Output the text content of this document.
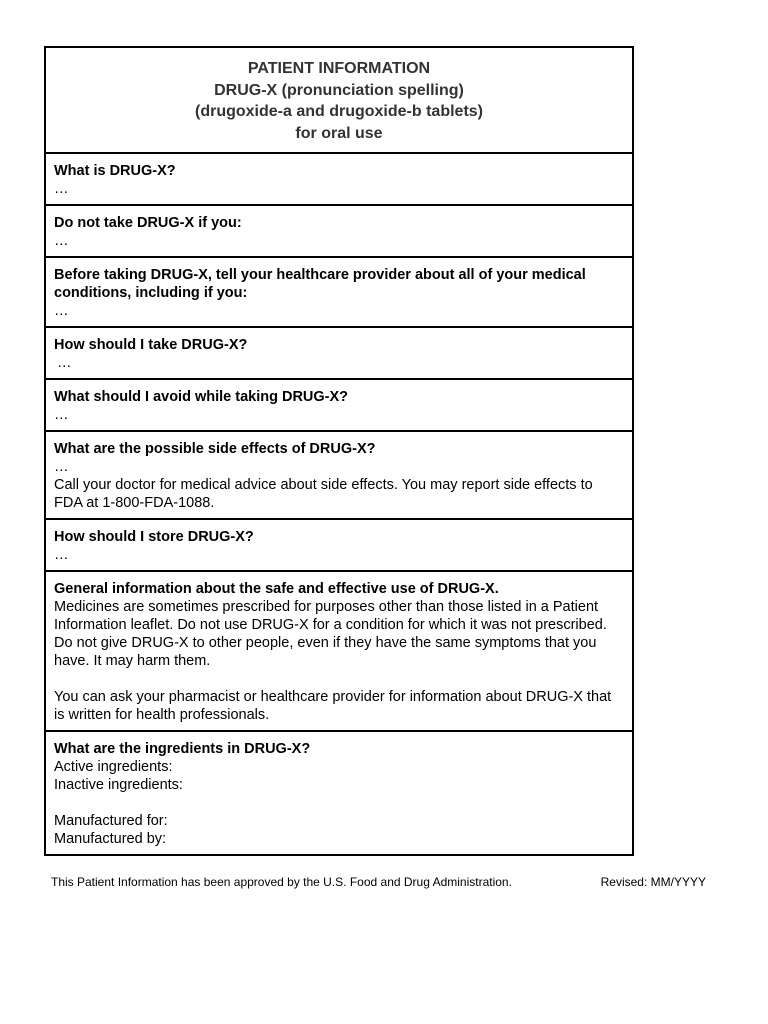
PATIENT INFORMATION
DRUG-X (pronunciation spelling)
(drugoxide-a and drugoxide-b tablets)
for oral use
What is DRUG-X?
…
Do not take DRUG-X if you:
…
Before taking DRUG-X, tell your healthcare provider about all of your medical conditions, including if you:
…
How should I take DRUG-X?
…
What should I avoid while taking DRUG-X?
…
What are the possible side effects of DRUG-X?
…
Call your doctor for medical advice about side effects. You may report side effects to FDA at 1-800-FDA-1088.
How should I store DRUG-X?
…
General information about the safe and effective use of DRUG-X.
Medicines are sometimes prescribed for purposes other than those listed in a Patient Information leaflet. Do not use DRUG-X for a condition for which it was not prescribed. Do not give DRUG-X to other people, even if they have the same symptoms that you have. It may harm them.
You can ask your pharmacist or healthcare provider for information about DRUG-X that is written for health professionals.
What are the ingredients in DRUG-X?
Active ingredients:
Inactive ingredients:
Manufactured for:
Manufactured by:
This Patient Information has been approved by the U.S. Food and Drug Administration.	Revised: MM/YYYY
